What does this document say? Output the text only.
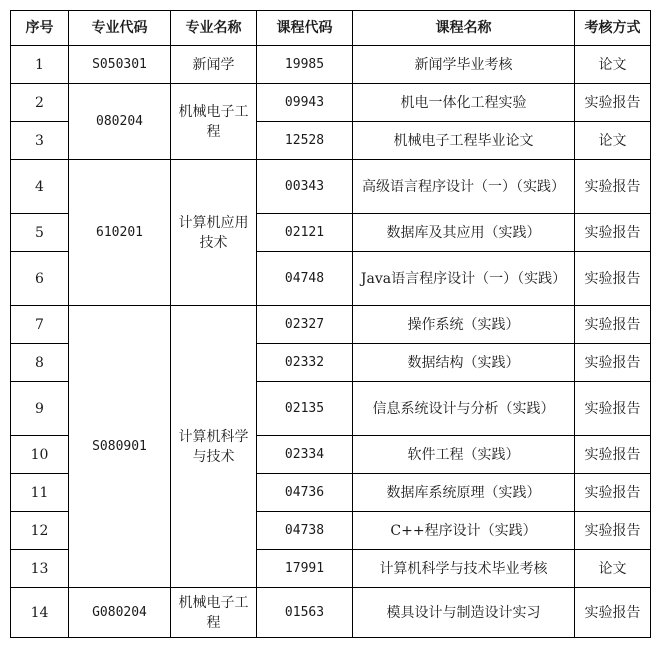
序号	专业代码	专业名称	课程代码	课程名称	考核方式
1	S050301	新闻学	19985	新闻学毕业考核	论文
2	080204	机械电子工程	09943	机电一体化工程实验	实验报告
3			12528	机械电子工程毕业论文	论文
4	610201	计算机应用技术	00343	高级语言程序设计（一）（实践）	实验报告
5			02121	数据库及其应用（实践）	实验报告
6			04748	Java语言程序设计（一）（实践）	实验报告
7	S080901	计算机科学与技术	02327	操作系统（实践）	实验报告
8			02332	数据结构（实践）	实验报告
9			02135	信息系统设计与分析（实践）	实验报告
10			02334	软件工程（实践）	实验报告
11			04736	数据库系统原理（实践）	实验报告
12			04738	C++程序设计（实践）	实验报告
13			17991	计算机科学与技术毕业考核	论文
14	G080204	机械电子工程	01563	模具设计与制造设计实习	实验报告
